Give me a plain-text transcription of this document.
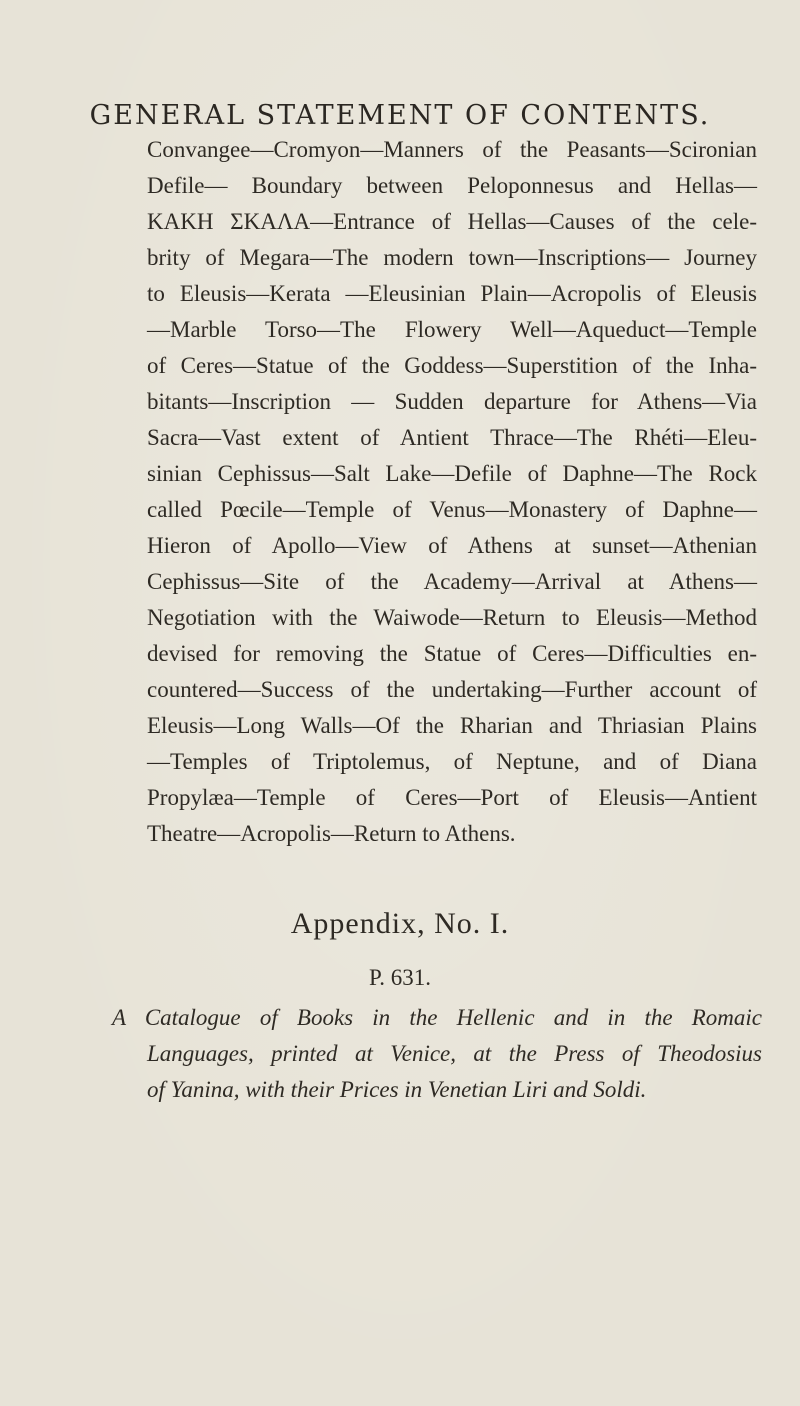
GENERAL STATEMENT OF CONTENTS.
Convangee—Cromyon—Manners of the Peasants—Scironian
Defile— Boundary between Peloponnesus and Hellas—
ΚΑΚΗ ΣΚΑΛΑ—Entrance of Hellas—Causes of the cele-
brity of Megara—The modern town—Inscriptions— Journey
to Eleusis—Kerata —Eleusinian Plain—Acropolis of Eleusis
—Marble Torso—The Flowery Well—Aqueduct—Temple
of Ceres—Statue of the Goddess—Superstition of the Inha-
bitants—Inscription — Sudden departure for Athens—Via
Sacra—Vast extent of Antient Thrace—The Rhéti—Eleu-
sinian Cephissus—Salt Lake—Defile of Daphne—The Rock
called Pœcile—Temple of Venus—Monastery of Daphne—
Hieron of Apollo—View of Athens at sunset—Athenian
Cephissus—Site of the Academy—Arrival at Athens—
Negotiation with the Waiwode—Return to Eleusis—Method
devised for removing the Statue of Ceres—Difficulties en-
countered—Success of the undertaking—Further account of
Eleusis—Long Walls—Of the Rharian and Thriasian Plains
—Temples of Triptolemus, of Neptune, and of Diana
Propylæa—Temple of Ceres—Port of Eleusis—Antient
Theatre—Acropolis—Return to Athens.
Appendix, No. I.
P. 631.
A Catalogue of Books in the Hellenic and in the Romaic
Languages, printed at Venice, at the Press of Theodosius
of Yanina, with their Prices in Venetian Liri and Soldi.
